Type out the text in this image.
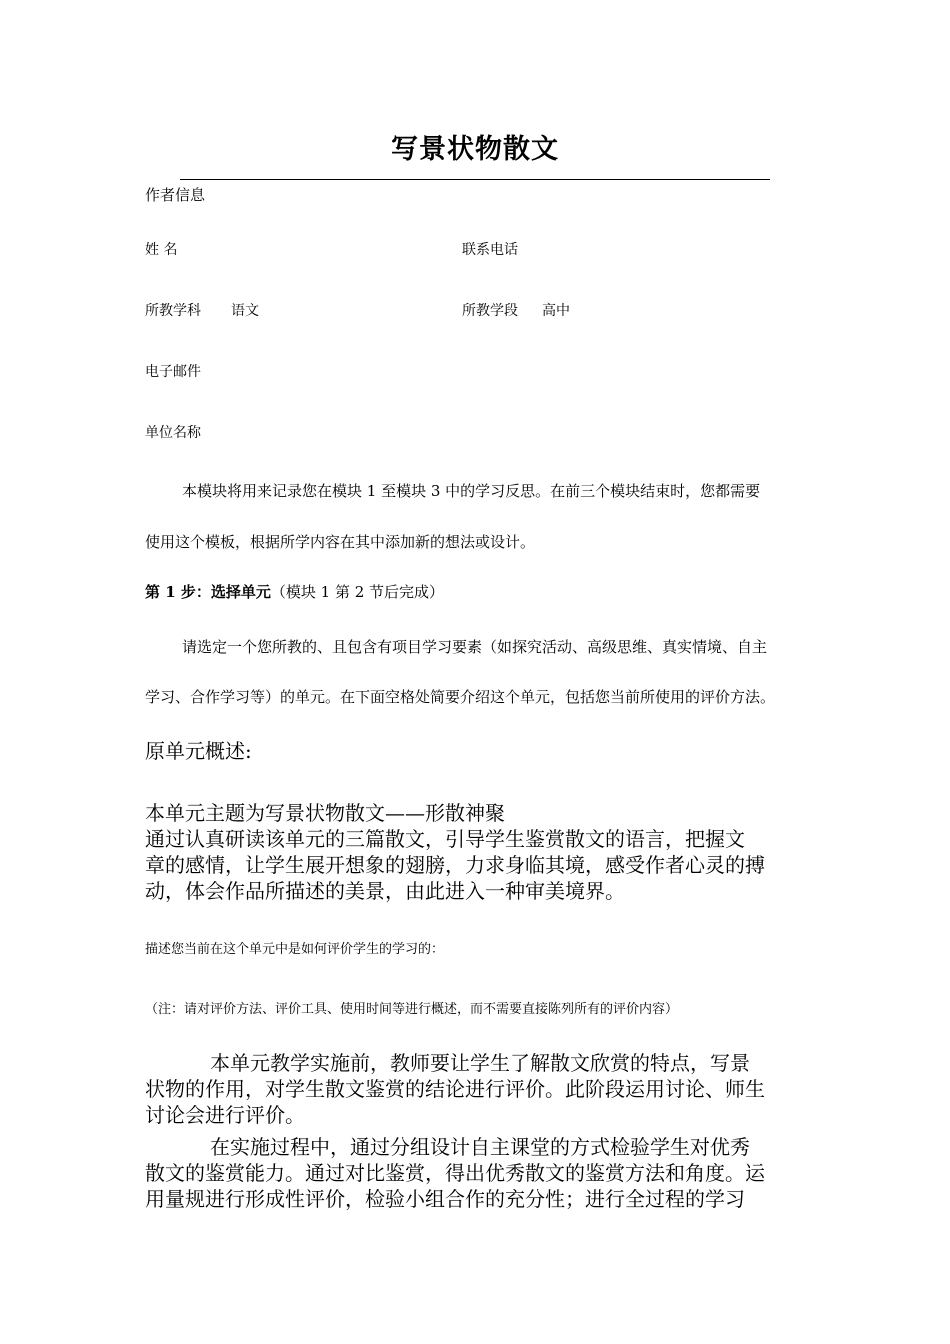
写景状物散文
作者信息
姓 名	联系电话
所教学科 语文	所教学段 高中
电子邮件
单位名称
本模块将用来记录您在模块 1 至模块 3 中的学习反思。在前三个模块结束时，您都需要
使用这个模板，根据所学内容在其中添加新的想法或设计。
第 1 步：选择单元（模块 1 第 2 节后完成）
请选定一个您所教的、且包含有项目学习要素（如探究活动、高级思维、真实情境、自主
学习、合作学习等）的单元。在下面空格处简要介绍这个单元，包括您当前所使用的评价方法。
原单元概述:
本单元主题为写景状物散文——形散神聚
通过认真研读该单元的三篇散文，引导学生鉴赏散文的语言，把握文
章的感情，让学生展开想象的翅膀，力求身临其境，感受作者心灵的搏
动，体会作品所描述的美景，由此进入一种审美境界。
描述您当前在这个单元中是如何评价学生的学习的：
（注：请对评价方法、评价工具、使用时间等进行概述，而不需要直接陈列所有的评价内容）
本单元教学实施前，教师要让学生了解散文欣赏的特点，写景
状物的作用，对学生散文鉴赏的结论进行评价。此阶段运用讨论、师生
讨论会进行评价。
在实施过程中，通过分组设计自主课堂的方式检验学生对优秀
散文的鉴赏能力。通过对比鉴赏，得出优秀散文的鉴赏方法和角度。运
用量规进行形成性评价，检验小组合作的充分性；进行全过程的学习
